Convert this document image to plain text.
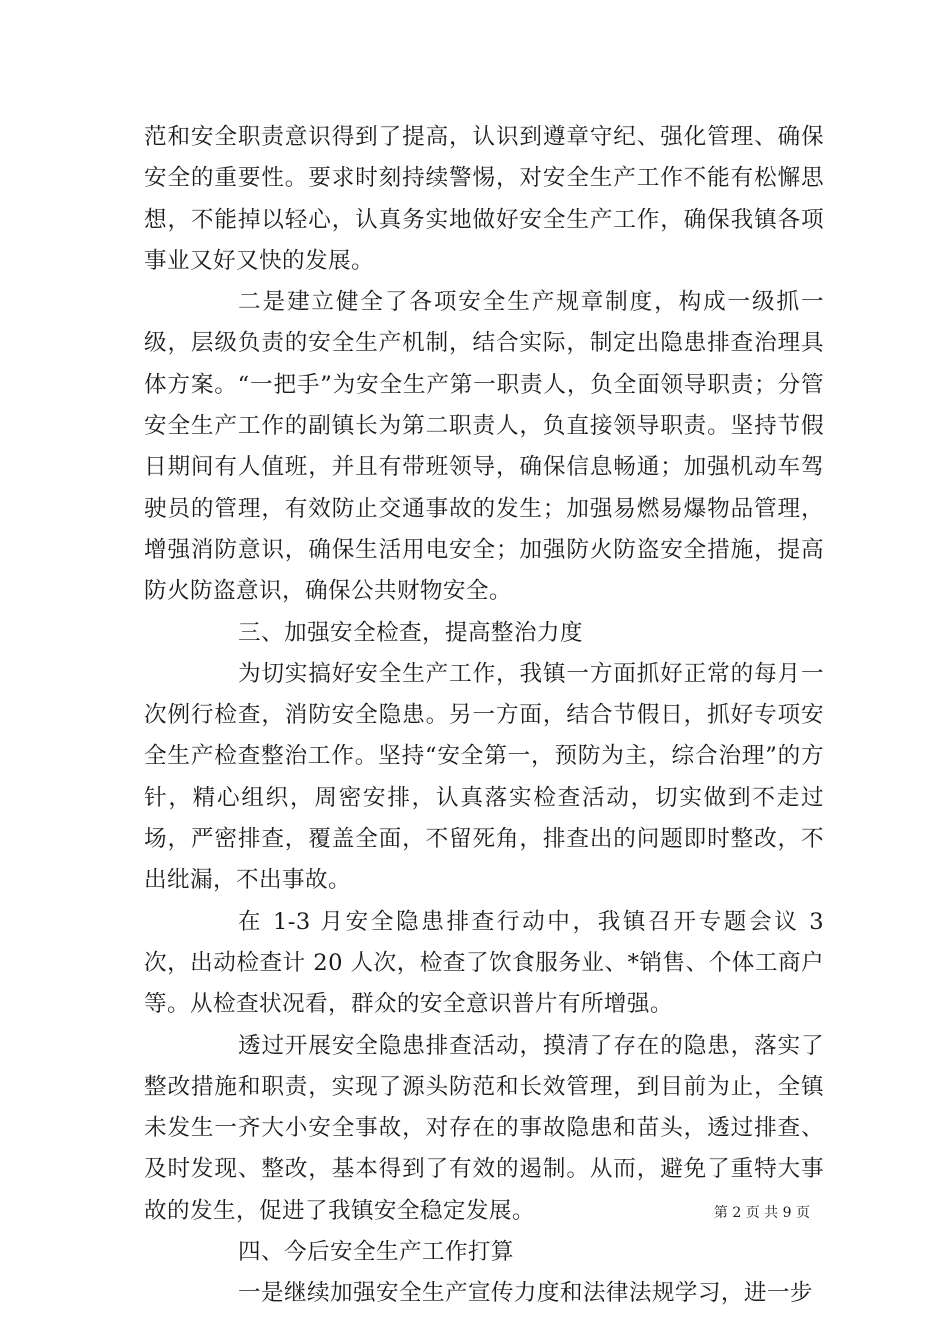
范和安全职责意识得到了提高，认识到遵章守纪、强化管理、确保安全的重要性。要求时刻持续警惕，对安全生产工作不能有松懈思想，不能掉以轻心，认真务实地做好安全生产工作，确保我镇各项事业又好又快的发展。

二是建立健全了各项安全生产规章制度，构成一级抓一级，层级负责的安全生产机制，结合实际，制定出隐患排查治理具体方案。“一把手”为安全生产第一职责人，负全面领导职责；分管安全生产工作的副镇长为第二职责人，负直接领导职责。坚持节假日期间有人值班，并且有带班领导，确保信息畅通；加强机动车驾驶员的管理，有效防止交通事故的发生；加强易燃易爆物品管理，增强消防意识，确保生活用电安全；加强防火防盗安全措施，提高防火防盗意识，确保公共财物安全。

三、加强安全检查，提高整治力度

为切实搞好安全生产工作，我镇一方面抓好正常的每月一次例行检查，消防安全隐患。另一方面，结合节假日，抓好专项安全生产检查整治工作。坚持“安全第一，预防为主，综合治理”的方针，精心组织，周密安排，认真落实检查活动，切实做到不走过场，严密排查，覆盖全面，不留死角，排查出的问题即时整改，不出纰漏，不出事故。

在 1-3 月安全隐患排查行动中，我镇召开专题会议 3 次，出动检查计 20 人次，检查了饮食服务业、*销售、个体工商户等。从检查状况看，群众的安全意识普片有所增强。

透过开展安全隐患排查活动，摸清了存在的隐患，落实了整改措施和职责，实现了源头防范和长效管理，到目前为止，全镇未发生一齐大小安全事故，对存在的事故隐患和苗头，透过排查、及时发现、整改，基本得到了有效的遏制。从而，避免了重特大事故的发生，促进了我镇安全稳定发展。

四、今后安全生产工作打算

一是继续加强安全生产宣传力度和法律法规学习，进一步

第 2 页 共 9 页
